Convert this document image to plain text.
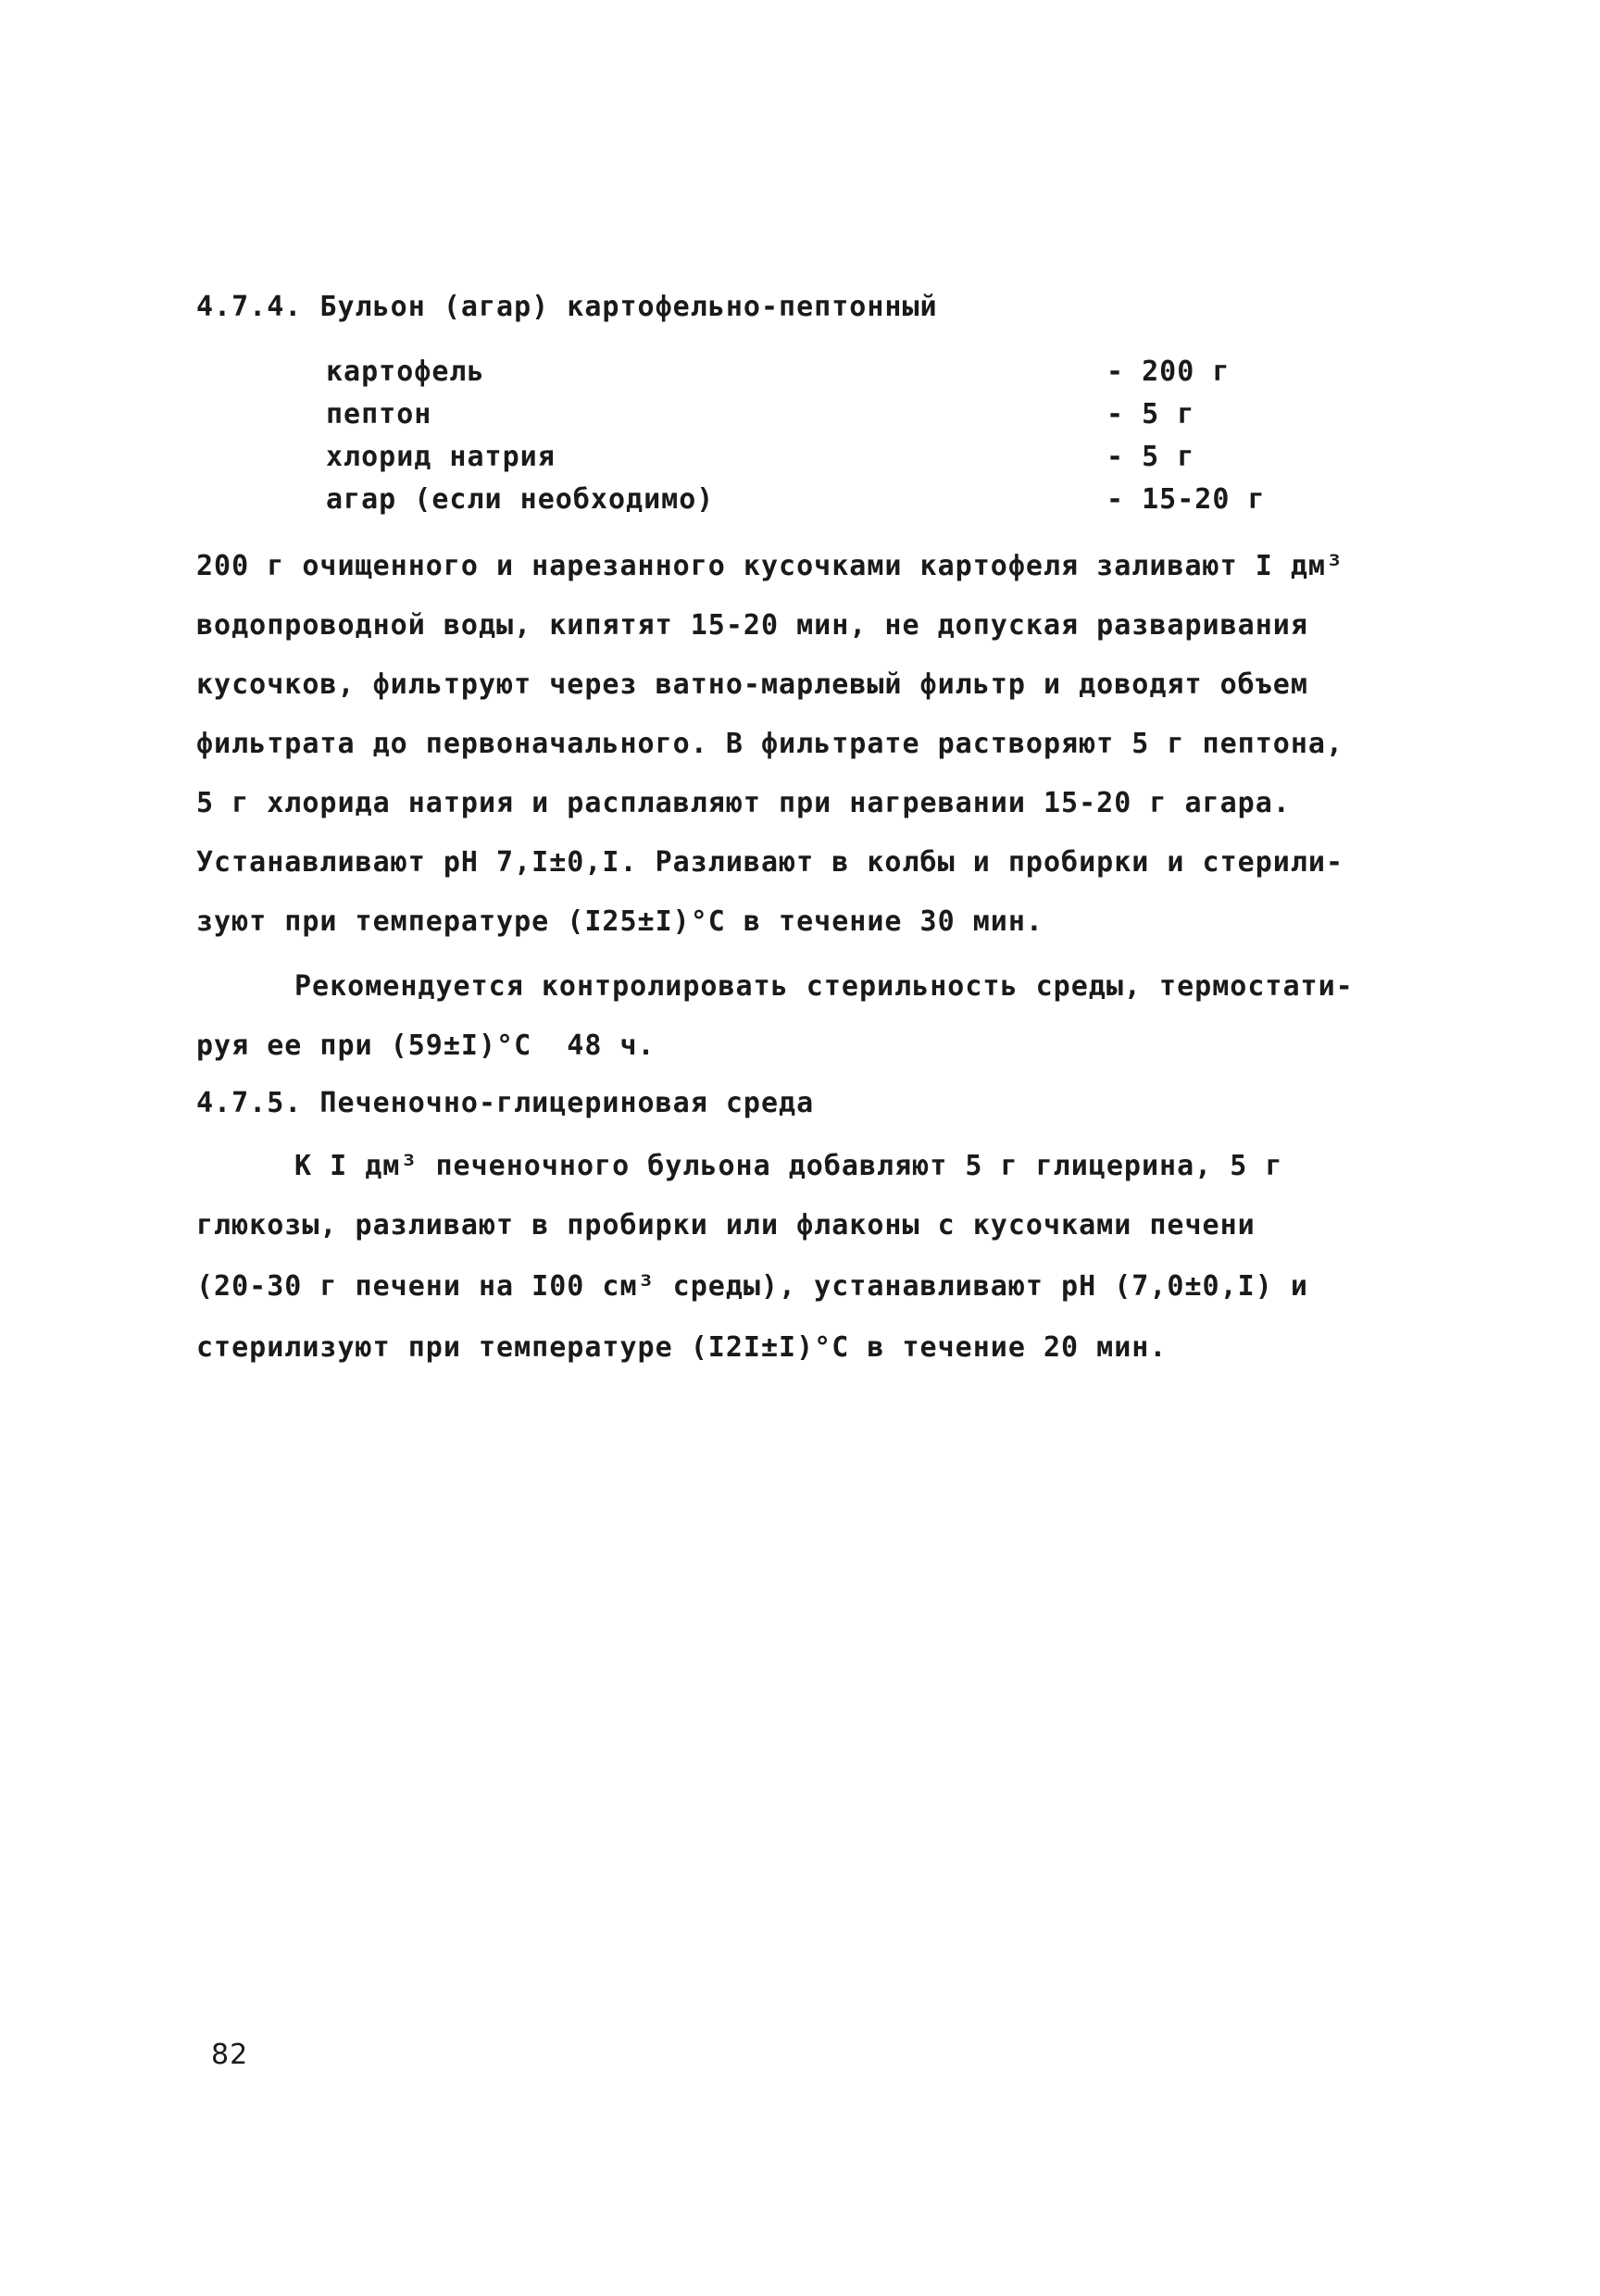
4.7.4. Бульон (агар) картофельно-пептонный
картофель	- 200 г
пептон	- 5 г
хлорид натрия	- 5 г
агар (если необходимо)	- 15-20 г
200 г очищенного и нарезанного кусочками картофеля заливают I дм³
водопроводной воды, кипятят 15-20 мин, не допуская разваривания
кусочков, фильтруют через ватно-марлевый фильтр и доводят объем
фильтрата до первоначального. В фильтрате растворяют 5 г пептона,
5 г хлорида натрия и расплавляют при нагревании 15-20 г агара.
Устанавливают pH 7,I±0,I. Разливают в колбы и пробирки и стерили-
зуют при температуре (I25±I)°С в течение 30 мин.
Рекомендуется контролировать стерильность среды, термостати-
руя ее при (59±I)°С  48 ч.
4.7.5. Печеночно-глицериновая среда
К I дм³ печеночного бульона добавляют 5 г глицерина, 5 г
глюкозы, разливают в пробирки или флаконы с кусочками печени
(20-30 г печени на I00 см³ среды), устанавливают pH (7,0±0,I) и
стерилизуют при температуре (I2I±I)°С в течение 20 мин.
82
